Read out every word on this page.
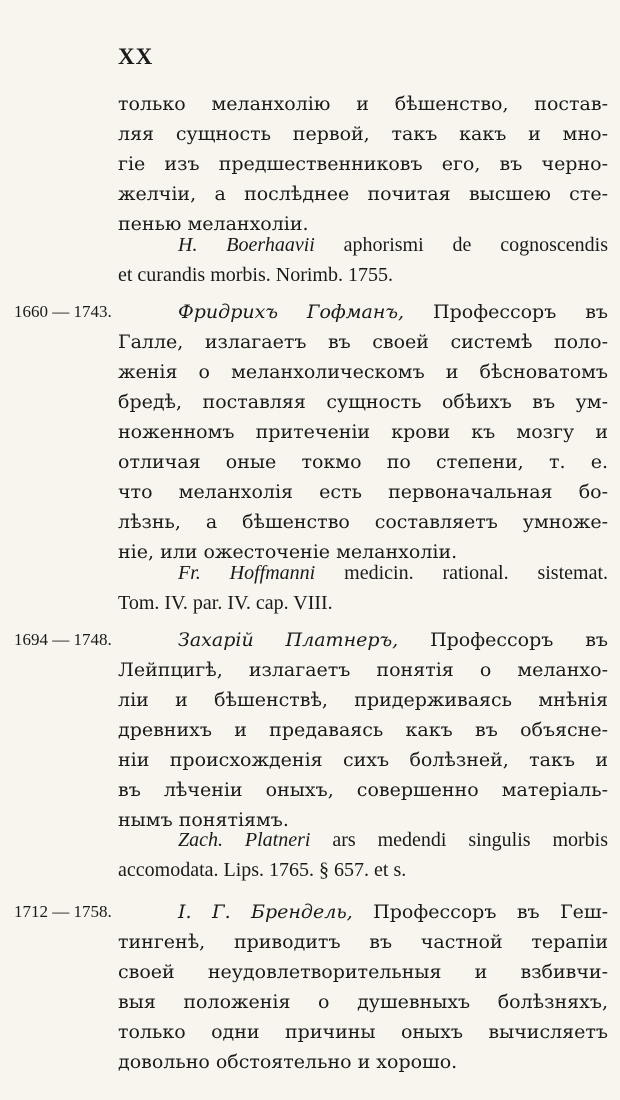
XX
только меланхолію и бѣшенство, постав-
ляя сущность первой, такъ какъ и мно-
гіе изъ предшественниковъ его, въ черно-
желчіи, а послѣднее почитая высшею сте-
пенью меланхоліи.
H. Boerhaavii aphorismi de cognoscendis
et curandis morbis. Norimb. 1755.
1660 — 1743.	Фридрихъ Гофманъ, Профессоръ въ
Галле, излагаетъ въ своей системѣ поло-
женія о меланхолическомъ и бѣсноватомъ
бредѣ, поставляя сущность обѣихъ въ ум-
ноженномъ притеченіи крови къ мозгу и
отличая оные токмо по степени, т. е.
что меланхолія есть первоначальная бо-
лѣзнь, а бѣшенство составляетъ умноже-
ніе, или ожесточеніе меланхоліи.
Fr. Hoffmanni medicin. rational. sistemat.
Tom. IV. par. IV. cap. VIII.
1694 — 1748.	Захарій Платнеръ, Профессоръ въ
Лейпцигѣ, излагаетъ понятія о меланхо-
ліи и бѣшенствѣ, придерживаясь мнѣнія
древнихъ и предаваясь какъ въ объясне-
ніи происхожденія сихъ болѣзней, такъ и
въ лѣченіи оныхъ, совершенно матеріаль-
нымъ понятіямъ.
Zach. Platneri ars medendi singulis morbis
accomodata. Lips. 1765. § 657. et s.
1712 — 1758.	I. Г. Брендель, Профессоръ въ Геш-
тингенѣ, приводитъ въ частной терапіи
своей неудовлетворительныя и взбивчи-
выя положенія о душевныхъ болѣзняхъ,
только одни причины оныхъ вычисляетъ
довольно обстоятельно и хорошо.
